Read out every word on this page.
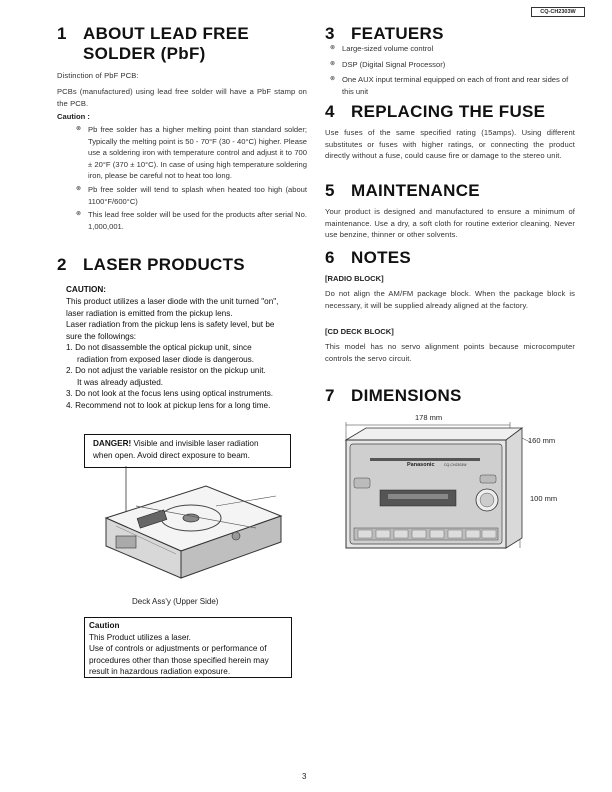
CQ-CH2303W
1 ABOUT LEAD FREE
SOLDER (PbF)
Distinction of PbF PCB:
PCBs (manufactured) using lead free solder will have a PbF stamp on the PCB.
Caution :
⊗ Pb free solder has a higher melting point than standard solder; Typically the melting point is 50 - 70°F (30 - 40°C) higher. Please use a soldering iron with temperature control and adjust it to 700 ± 20°F (370 ± 10°C). In case of using high temperature soldering iron, please be careful not to heat too long.
⊗ Pb free solder will tend to splash when heated too high (about 1100°F/600°C)
⊗ This lead free solder will be used for the products after serial No. 1,000,001.
2 LASER PRODUCTS
CAUTION:
This product utilizes a laser diode with the unit turned "on",
laser radiation is emitted from the pickup lens.
Laser radiation from the pickup lens is safety level, but be
sure the followings:
1. Do not disassemble the optical pickup unit, since
radiation from exposed laser diode is dangerous.
2. Do not adjust the variable resistor on the pickup unit.
It was already adjusted.
3. Do not look at the focus lens using optical instruments.
4. Recommend not to look at pickup lens for a long time.
DANGER! Visible and invisible laser radiation
when open. Avoid direct exposure to beam.
Deck Ass'y (Upper Side)
Caution
This Product utilizes a laser.
Use of controls or adjustments or performance of
procedures other than those specified herein may
result in hazardous radiation exposure.
3 FEATUERS
⊗ Large-sized volume control
⊗ DSP (Digital Signal Processor)
⊗ One AUX input terminal equipped on each of front and rear sides of this unit
4 REPLACING THE FUSE
Use fuses of the same specified rating (15amps). Using different substitutes or fuses with higher ratings, or connecting the product directly without a fuse, could cause fire or damage to the stereo unit.
5 MAINTENANCE
Your product is designed and manufactured to ensure a minimum of maintenance. Use a dry, a soft cloth for routine exterior cleaning. Never use benzine, thinner or other solvents.
6 NOTES
[RADIO BLOCK]
Do not align the AM/FM package block. When the package block is necessary, it will be supplied already aligned at the factory.
[CD DECK BLOCK]
This model has no servo alignment points because microcomputer controls the servo circuit.
7 DIMENSIONS
178 mm
160 mm
100 mm
Panasonic	CQ-CH2303W
3
